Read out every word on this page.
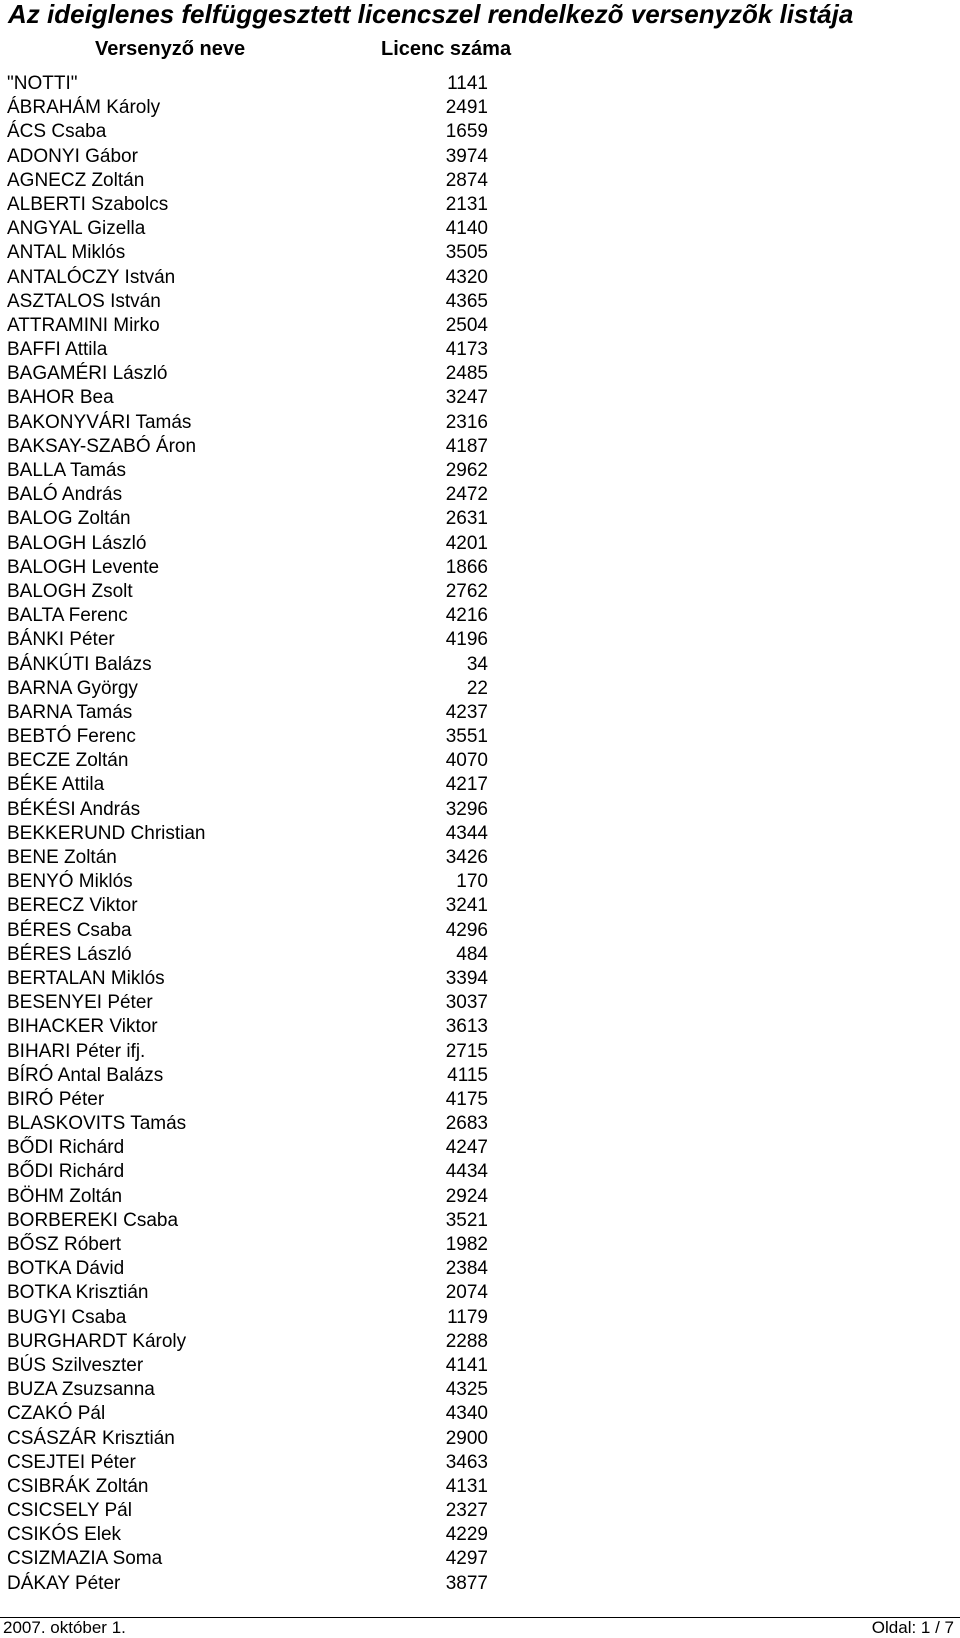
Az ideiglenes felfüggesztett licencszel rendelkezõ versenyzõk listája
Versenyző neve	Licenc száma
"NOTTI"	1141
ÁBRAHÁM Károly	2491
ÁCS Csaba	1659
ADONYI Gábor	3974
AGNECZ Zoltán	2874
ALBERTI Szabolcs	2131
ANGYAL Gizella	4140
ANTAL Miklós	3505
ANTALÓCZY István	4320
ASZTALOS István	4365
ATTRAMINI Mirko	2504
BAFFI Attila	4173
BAGAMÉRI László	2485
BAHOR Bea	3247
BAKONYVÁRI Tamás	2316
BAKSAY-SZABÓ Áron	4187
BALLA Tamás	2962
BALÓ András	2472
BALOG Zoltán	2631
BALOGH László	4201
BALOGH Levente	1866
BALOGH Zsolt	2762
BALTA Ferenc	4216
BÁNKI Péter	4196
BÁNKÚTI Balázs	34
BARNA György	22
BARNA Tamás	4237
BEBTÓ Ferenc	3551
BECZE Zoltán	4070
BÉKE Attila	4217
BÉKÉSI András	3296
BEKKERUND Christian	4344
BENE Zoltán	3426
BENYÓ Miklós	170
BERECZ Viktor	3241
BÉRES Csaba	4296
BÉRES László	484
BERTALAN Miklós	3394
BESENYEI Péter	3037
BIHACKER Viktor	3613
BIHARI Péter ifj.	2715
BÍRÓ Antal Balázs	4115
BIRÓ Péter	4175
BLASKOVITS Tamás	2683
BŐDI Richárd	4247
BŐDI Richárd	4434
BÖHM Zoltán	2924
BORBEREKI Csaba	3521
BŐSZ Róbert	1982
BOTKA Dávid	2384
BOTKA Krisztián	2074
BUGYI Csaba	1179
BURGHARDT Károly	2288
BÚS Szilveszter	4141
BUZA Zsuzsanna	4325
CZAKÓ Pál	4340
CSÁSZÁR Krisztián	2900
CSEJTEI Péter	3463
CSIBRÁK Zoltán	4131
CSICSELY Pál	2327
CSIKÓS Elek	4229
CSIZMAZIA Soma	4297
DÁKAY Péter	3877
2007. október 1.	Oldal: 1 / 7
